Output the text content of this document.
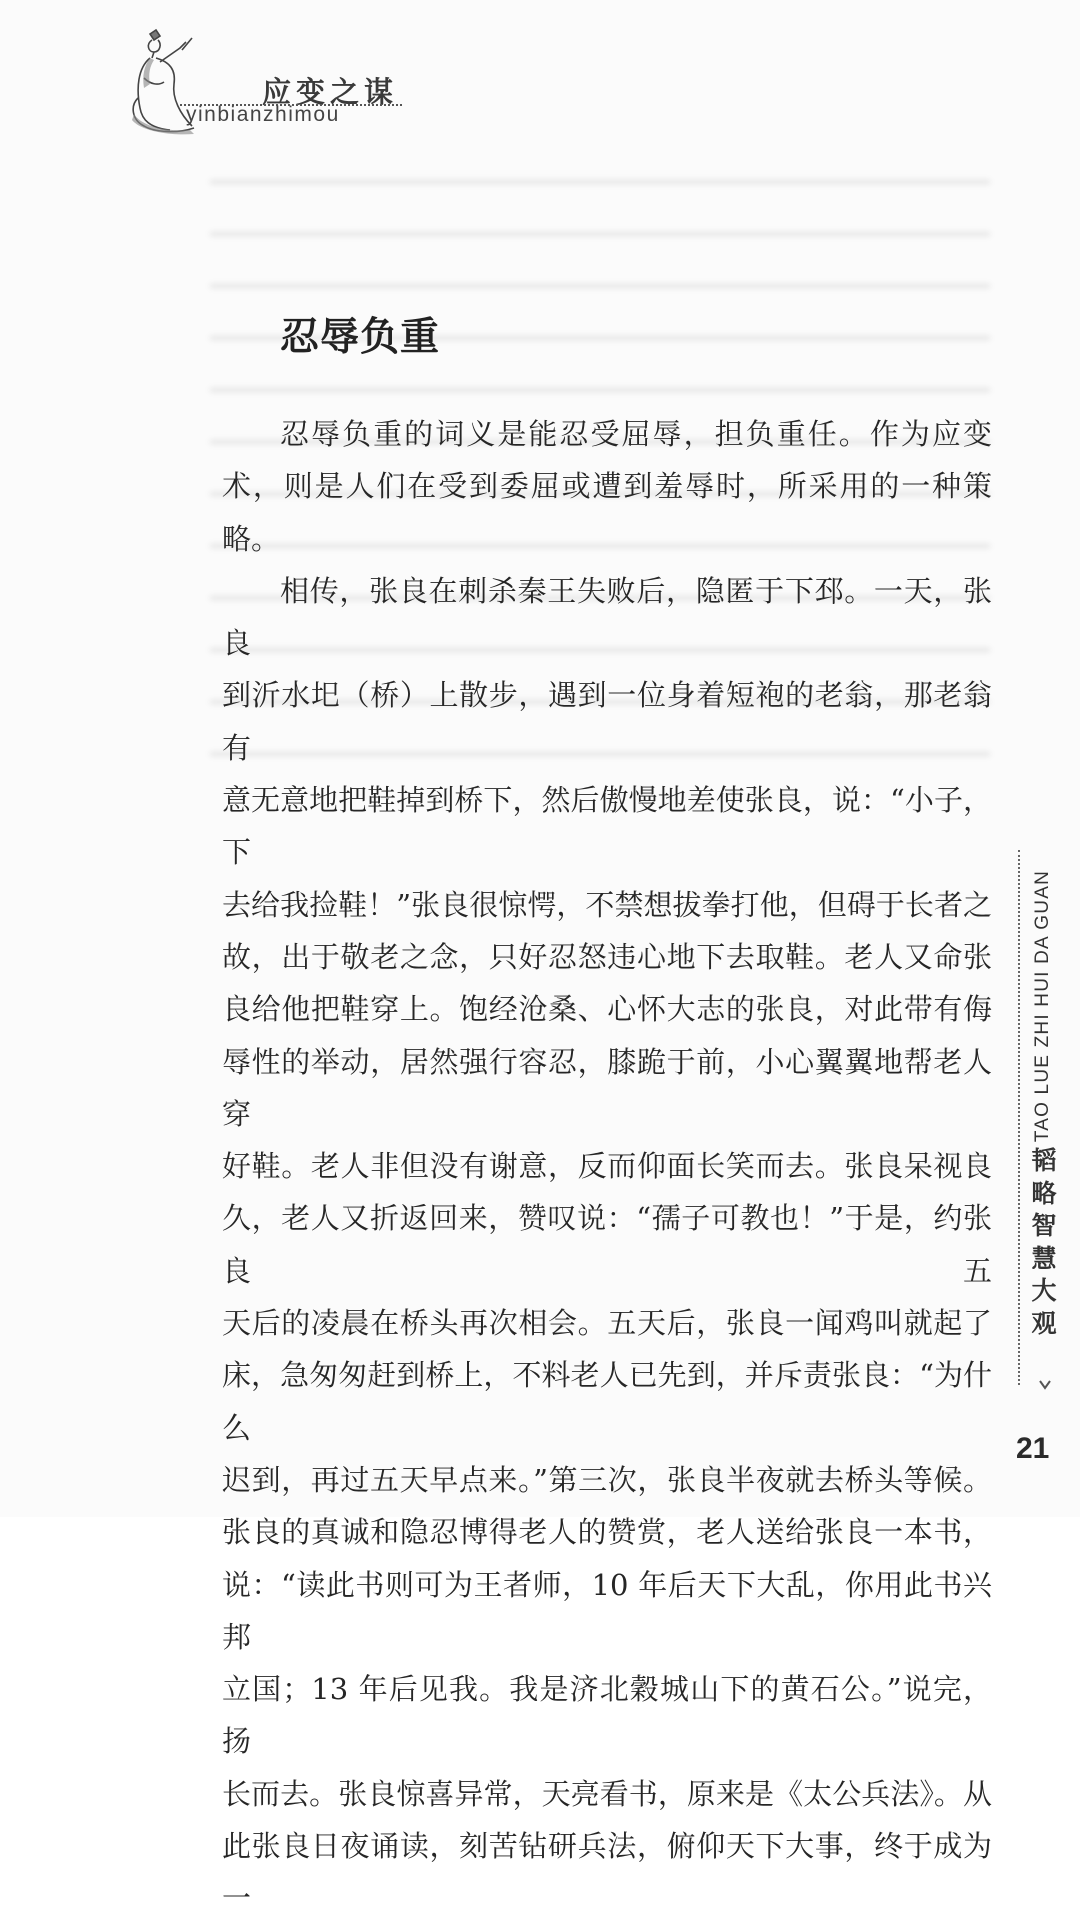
应变之谋
yinbianzhimou
忍辱负重

忍辱负重的词义是能忍受屈辱，担负重任。作为应变

术，则是人们在受到委屈或遭到羞辱时，所采用的一种策略。

相传，张良在刺杀秦王失败后，隐匿于下邳。一天，张良

到沂水圯（桥）上散步，遇到一位身着短袍的老翁，那老翁有

意无意地把鞋掉到桥下，然后傲慢地差使张良，说：“小子，下

去给我捡鞋！”张良很惊愕，不禁想拔拳打他，但碍于长者之

故，出于敬老之念，只好忍怒违心地下去取鞋。老人又命张

良给他把鞋穿上。饱经沧桑、心怀大志的张良，对此带有侮

辱性的举动，居然强行容忍，膝跪于前，小心翼翼地帮老人穿

好鞋。老人非但没有谢意，反而仰面长笑而去。张良呆视良

久，老人又折返回来，赞叹说：“孺子可教也！”于是，约张良五

天后的凌晨在桥头再次相会。五天后，张良一闻鸡叫就起了

床，急匆匆赶到桥上，不料老人已先到，并斥责张良：“为什么

迟到，再过五天早点来。”第三次，张良半夜就去桥头等候。

张良的真诚和隐忍博得老人的赞赏，老人送给张良一本书，

说：“读此书则可为王者师，10 年后天下大乱，你用此书兴邦

立国；13 年后见我。我是济北穀城山下的黄石公。”说完，扬

长而去。张良惊喜异常，天亮看书，原来是《太公兵法》。从

此张良日夜诵读，刻苦钻研兵法，俯仰天下大事，终于成为一

TAO LUE ZHI HUI DA GUAN
韬
略
智
慧
大
观
21
